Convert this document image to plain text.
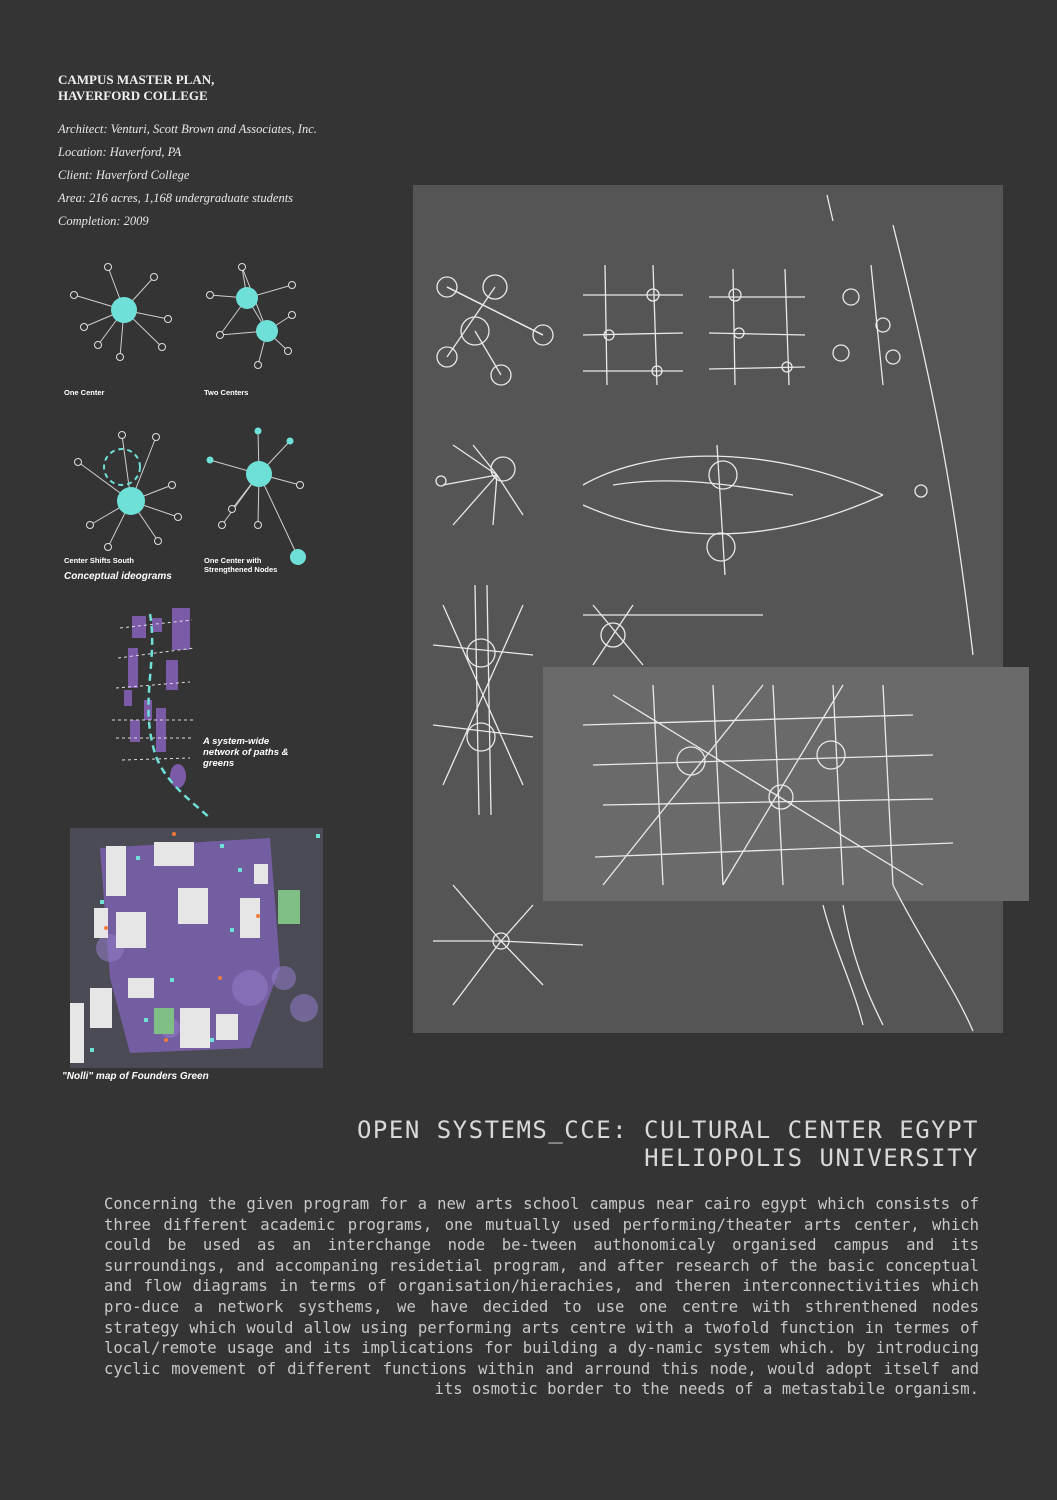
CAMPUS MASTER PLAN,
HAVERFORD COLLEGE
Architect: Venturi, Scott Brown and Associates, Inc.
Location: Haverford, PA
Client: Haverford College
Area: 216 acres, 1,168 undergraduate students
Completion: 2009
One Center	Two Centers
Center Shifts South	One Center with
Strengthened Nodes
Conceptual ideograms
A system-wide
network of paths &
greens
"Nolli" map of Founders Green
OPEN SYSTEMS_CCE: CULTURAL CENTER EGYPT
HELIOPOLIS UNIVERSITY
Concerning the given program for a new arts school campus near cairo egypt which consists of three different academic programs, one mutually used performing/theater arts center, which could be used as an interchange node be-tween authonomicaly organised campus and its surroundings, and accompaning residetial program, and after research of the basic conceptual and flow diagrams in terms of organisation/hierachies, and theren interconnectivities which pro-duce a network systhems, we have decided to use one centre with sthrenthened nodes strategy which would allow using performing arts centre with a twofold function in termes of local/remote usage and its implications for building a dy-namic system which. by introducing cyclic movement of different functions within and arround this node, would adopt itself and its osmotic border to the needs of a metastabile organism.
